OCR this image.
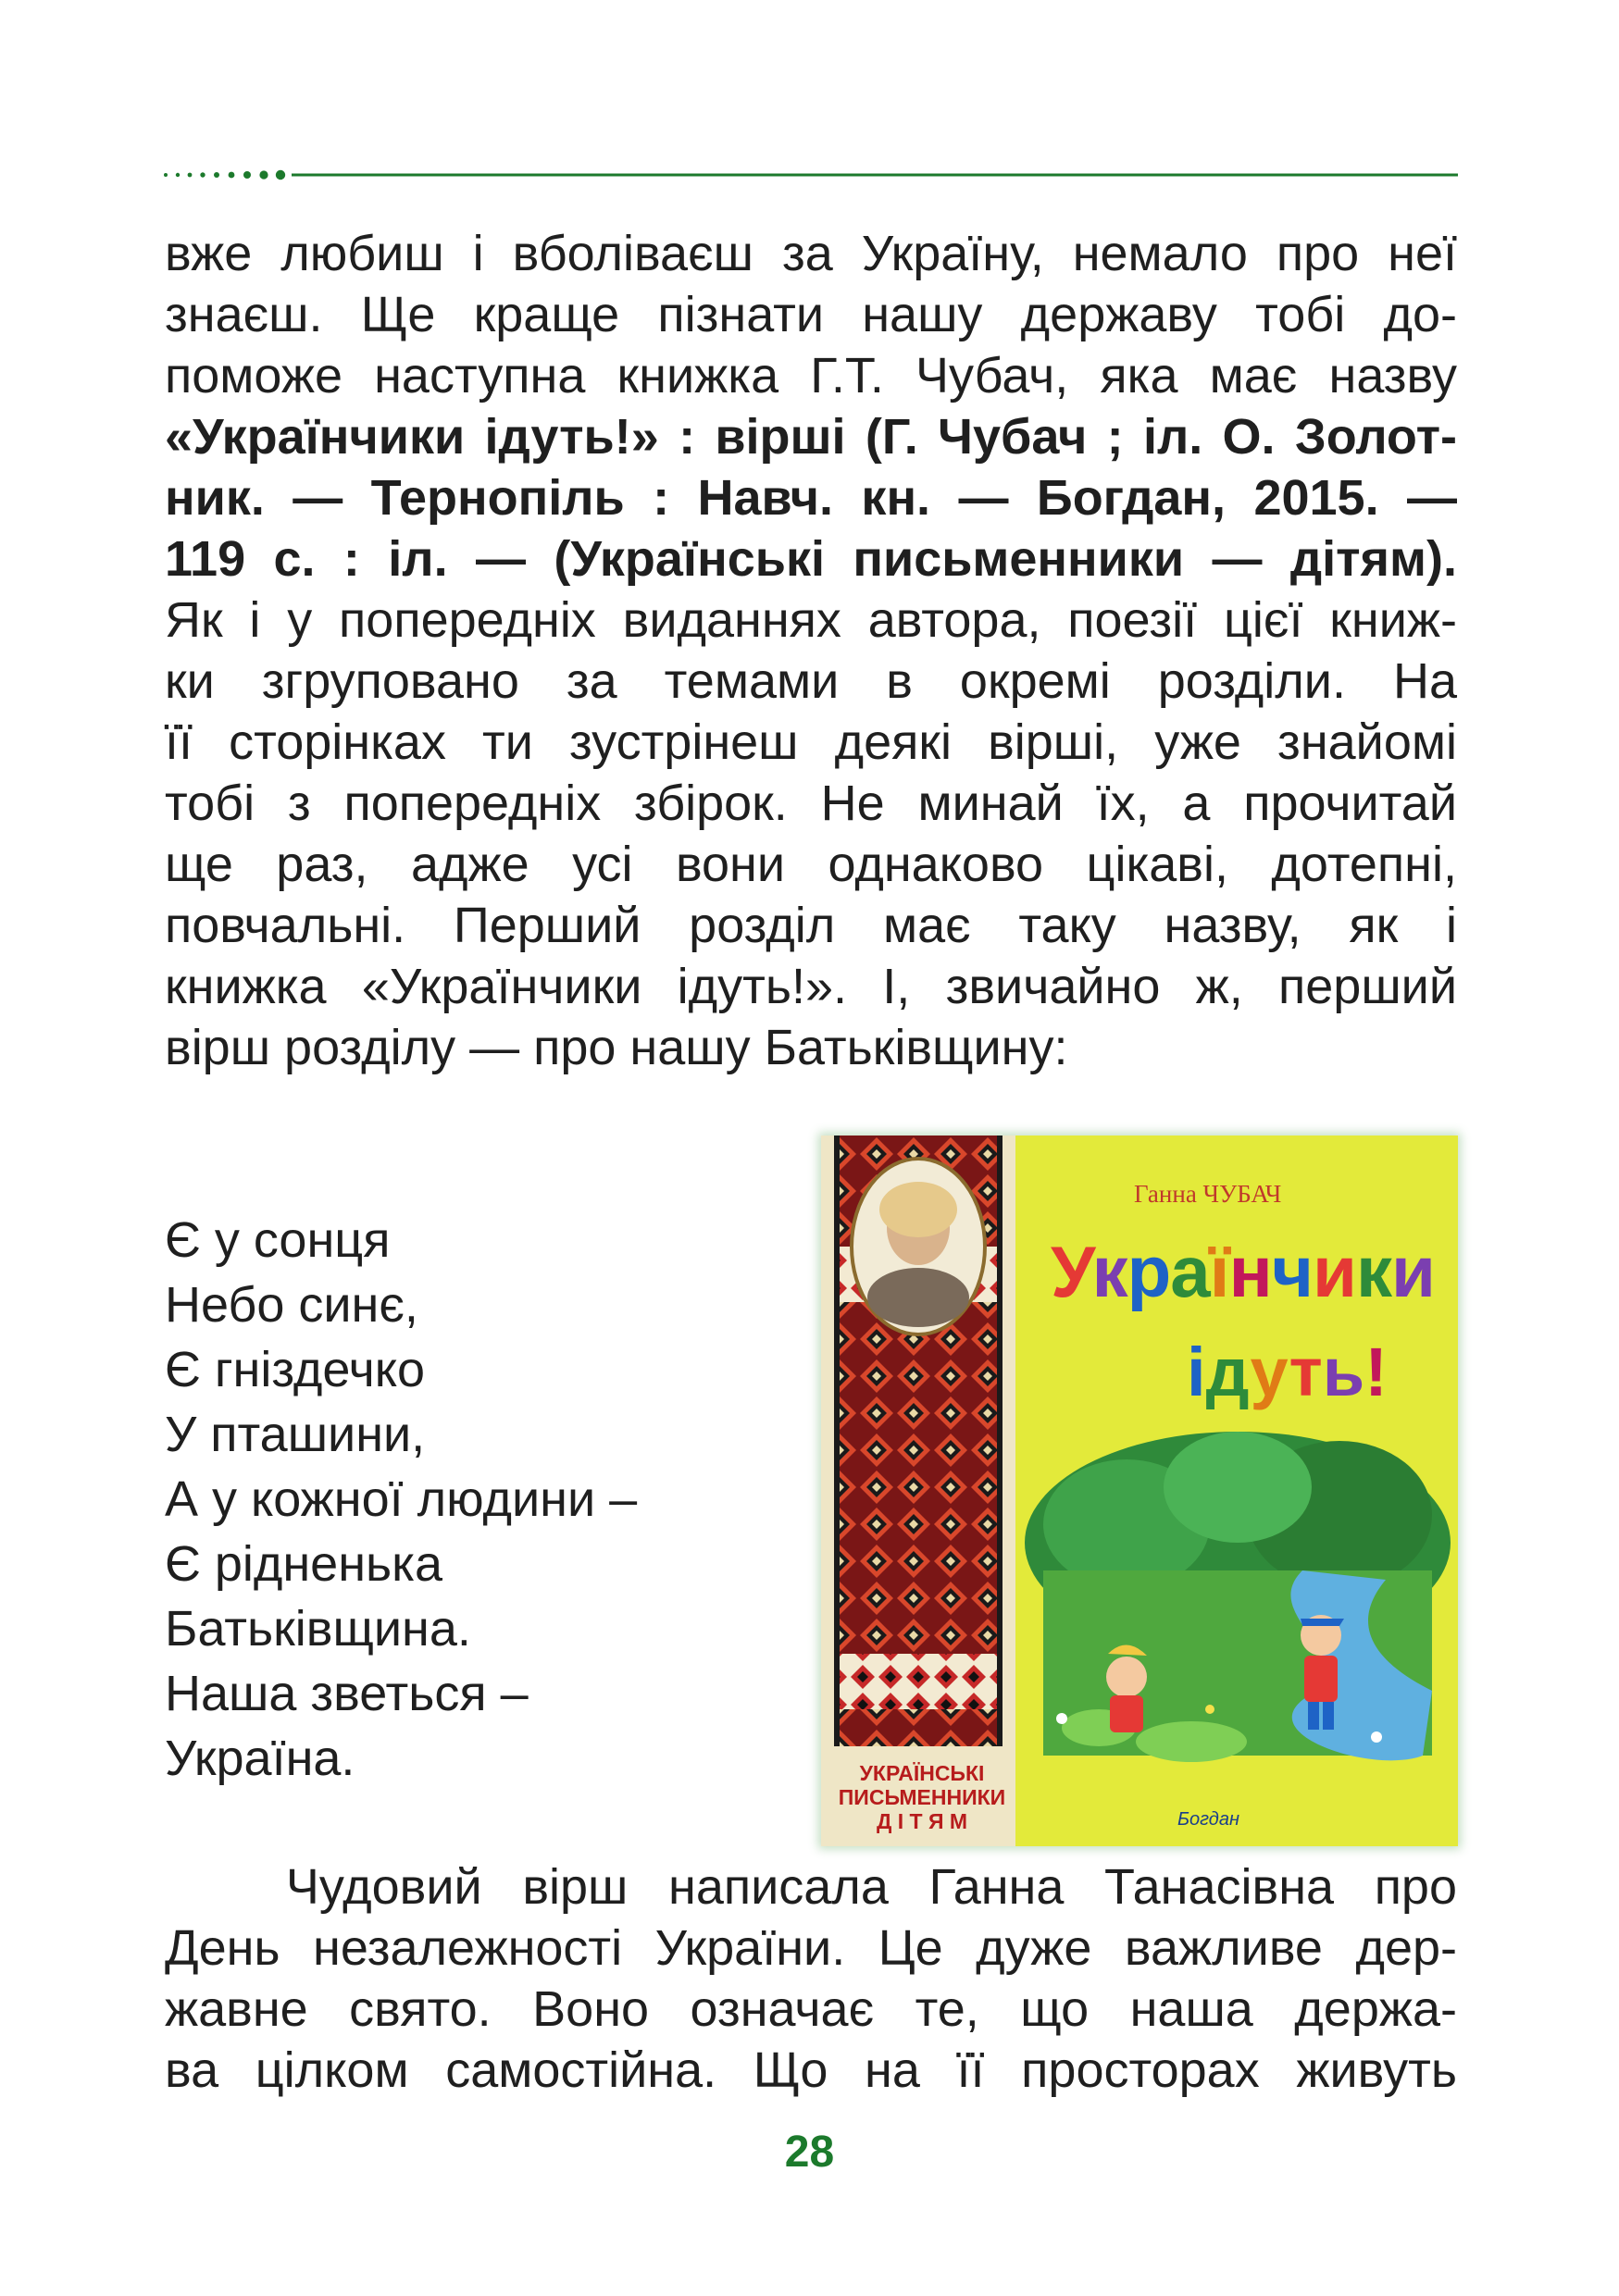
вже любиш і вболіваєш за Україну, немало про неї
знаєш. Ще краще пізнати нашу державу тобі до-
поможе наступна книжка Г.Т. Чубач, яка має назву
«Українчики ідуть!» : вірші (Г. Чубач ; іл. О. Золот-
ник. — Тернопіль : Навч. кн. — Богдан, 2015. —
119 с. : іл. — (Українські письменники — дітям).
Як і у попередніх виданнях автора, поезії цієї книж-
ки згруповано за темами в окремі розділи. На
її сторінках ти зустрінеш деякі вірші, уже знайомі
тобі з попередніх збірок. Не минай їх, а прочитай
ще раз, адже усі вони однаково цікаві, дотепні,
повчальні. Перший розділ має таку назву, як і
книжка «Українчики ідуть!». І, звичайно ж, перший
вірш розділу — про нашу Батьківщину:
Є у сонця
Небо синє,
Є гніздечко
У пташини,
А у кожної людини –
Є рідненька
Батьківщина.
Наша зветься –
Україна.
Ганна ЧУБАЧ
Українчики
ідуть!
УКРАЇНСЬКІ
ПИСЬМЕННИКИ
Д І Т Я М	Богдан
Чудовий вірш написала Ганна Танасівна про
День незалежності України. Це дуже важливе дер-
жавне свято. Воно означає те, що наша держа-
ва цілком самостійна. Що на її просторах живуть
28
